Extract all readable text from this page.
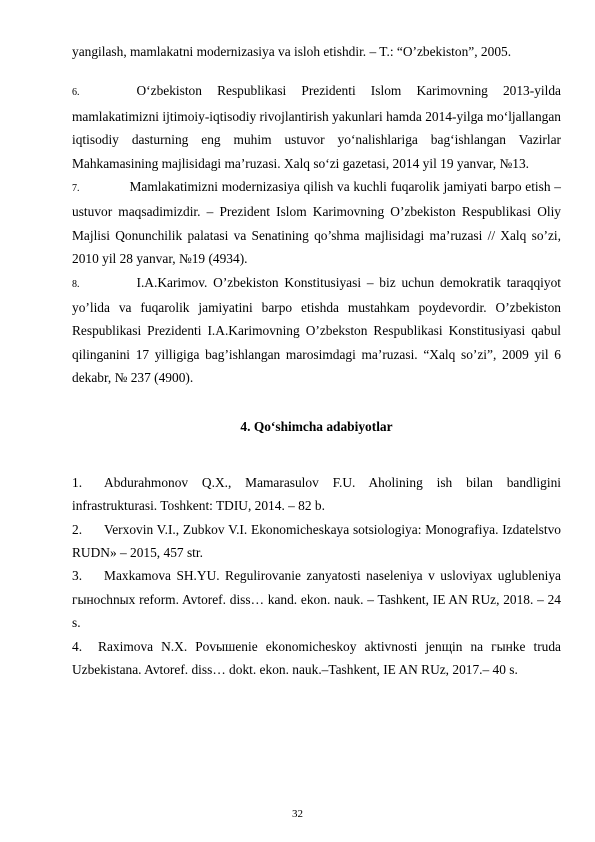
yangilash, mamlakatni modernizasiya va isloh etishdir. – T.: “O’zbekiston”, 2005.

6.	O‘zbekiston Respublikasi Prezidenti Islom Karimovning 2013-yilda mamlakatimizni ijtimoiy-iqtisodiy rivojlantirish yakunlari hamda 2014-yilga mo‘ljallangan iqtisodiy dasturning eng muhim ustuvor yo‘nalishlariga bag‘ishlangan Vazirlar Mahkamasining majlisidagi ma’ruzasi. Xalq so‘zi gazetasi, 2014 yil 19 yanvar, №13.

7.	Mamlakatimizni modernizasiya qilish va kuchli fuqarolik jamiyati barpo etish – ustuvor maqsadimizdir. – Prezident Islom Karimovning O’zbekiston Respublikasi Oliy Majlisi Qonunchilik palatasi va Senatining qo’shma majlisidagi ma’ruzasi // Xalq so’zi, 2010 yil 28 yanvar, №19 (4934).

8.	I.A.Karimov. O’zbekiston Konstitusiyasi – biz uchun demokratik taraqqiyot yo’lida va fuqarolik jamiyatini barpo etishda mustahkam poydevordir. O’zbekiston Respublikasi Prezidenti I.A.Karimovning O’zbekston Respublikasi Konstitusiyasi qabul qilinganini 17 yilligiga bag’ishlangan marosimdagi ma’ruzasi. “Xalq so’zi”, 2009 yil 6 dekabr, № 237 (4900).

4. Qo‘shimcha adabiyotlar

1. Abdurahmonov Q.X., Mamarasulov F.U. Aholining ish bilan bandligini infrastrukturasi. Toshkent: TDIU, 2014. – 82 b.

2. Verxovin V.I., Zubkov V.I. Ekonomicheskaya sotsiologiya: Monografiya. Izdatelstvo RUDN» – 2015, 457 str.

3. Maxkamova SH.YU. Regulirovanie zanyatosti naseleniya v usloviyax uglubleniya гынochnых reform. Avtoref. diss… kand. ekon. nauk. – Tashkent, IE AN RUz, 2018. – 24 s.

4. Raximova N.X. Povышenie ekonomicheskoy aktivnosti jenщin na гынke truda Uzbekistana. Avtoref. diss… dokt. ekon. nauk.–Tashkent, IE AN RUz, 2017.– 40 s.

32
